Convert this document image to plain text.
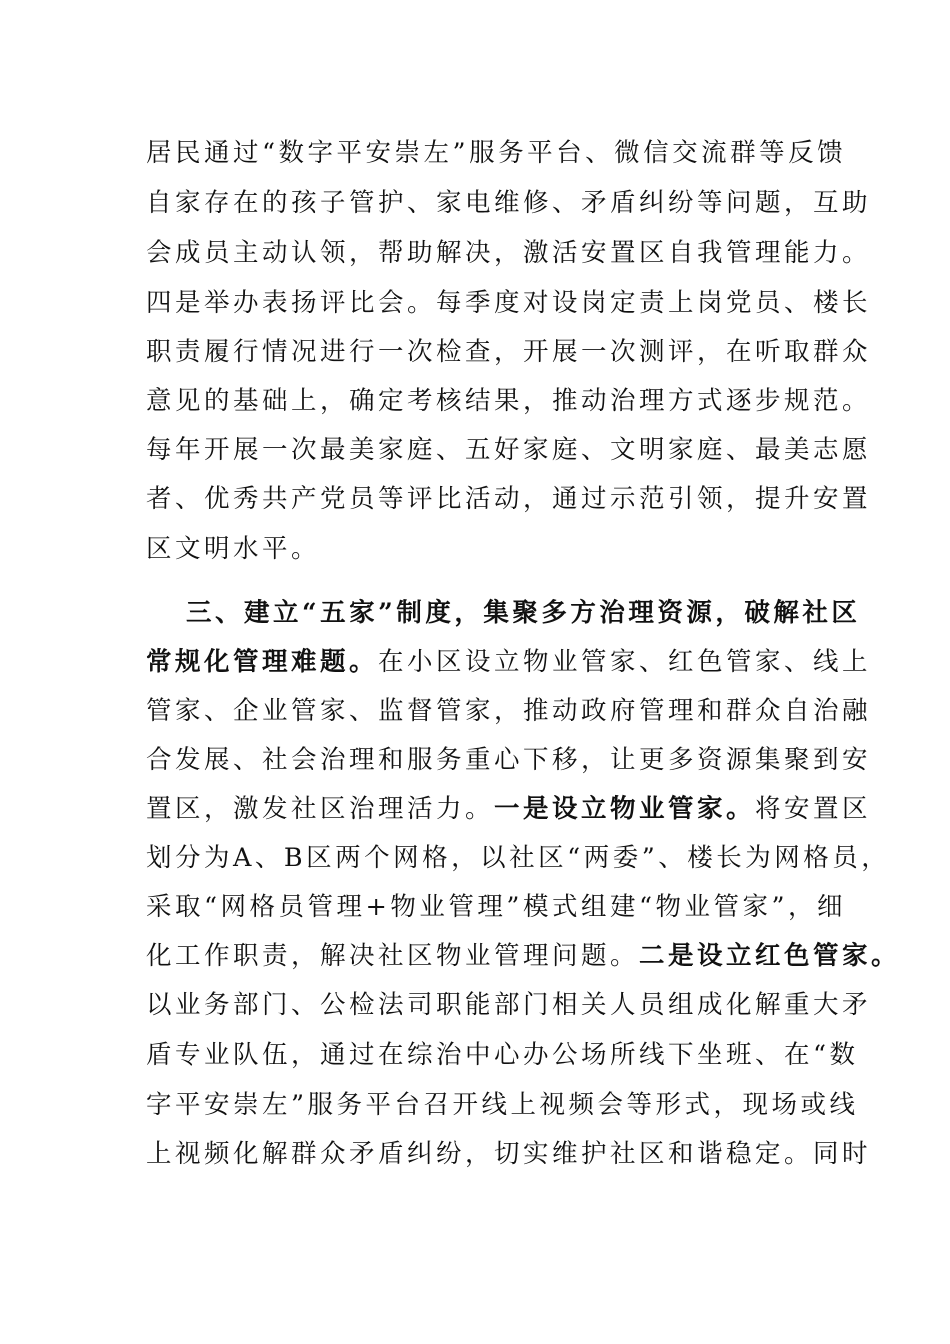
居民通过“数字平安崇左”服务平台、微信交流群等反馈
自家存在的孩子管护、家电维修、矛盾纠纷等问题，互助
会成员主动认领，帮助解决，激活安置区自我管理能力。
四是举办表扬评比会。每季度对设岗定责上岗党员、楼长
职责履行情况进行一次检查，开展一次测评，在听取群众
意见的基础上，确定考核结果，推动治理方式逐步规范。
每年开展一次最美家庭、五好家庭、文明家庭、最美志愿
者、优秀共产党员等评比活动，通过示范引领，提升安置
区文明水平。
三、建立“五家”制度，集聚多方治理资源，破解社区
常规化管理难题。在小区设立物业管家、红色管家、线上
管家、企业管家、监督管家，推动政府管理和群众自治融
合发展、社会治理和服务重心下移，让更多资源集聚到安
置区，激发社区治理活力。一是设立物业管家。将安置区
划分为A、B区两个网格，以社区“两委”、楼长为网格员，
采取“网格员管理+物业管理”模式组建“物业管家”，细
化工作职责，解决社区物业管理问题。二是设立红色管家。
以业务部门、公检法司职能部门相关人员组成化解重大矛
盾专业队伍，通过在综治中心办公场所线下坐班、在“数
字平安崇左”服务平台召开线上视频会等形式，现场或线
上视频化解群众矛盾纠纷，切实维护社区和谐稳定。同时
